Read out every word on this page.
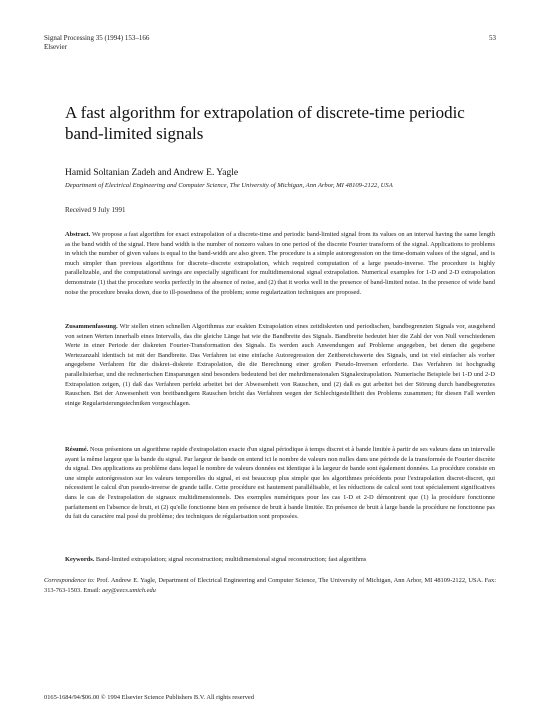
Signal Processing 35 (1994) 153–166
Elsevier
53
A fast algorithm for extrapolation of discrete-time periodic band-limited signals
Hamid Soltanian Zadeh and Andrew E. Yagle
Department of Electrical Engineering and Computer Science, The University of Michigan, Ann Arbor, MI 48109-2122, USA
Received 9 July 1991

Abstract. We propose a fast algorithm for exact extrapolation of a discrete-time and periodic band-limited signal from its values on an interval having the same length as the band width of the signal. Here band width is the number of nonzero values in one period of the discrete Fourier transform of the signal. Applications to problems in which the number of given values is equal to the band-width are also given. The procedure is a simple autoregression on the time-domain values of the signal, and is much simpler than previous algorithms for discrete–discrete extrapolation, which required computation of a large pseudo-inverse. The procedure is highly parallelizable, and the computational savings are especially significant for multidimensional signal extrapolation. Numerical examples for 1-D and 2-D extrapolation demonstrate (1) that the procedure works perfectly in the absence of noise, and (2) that it works well in the presence of band-limited noise. In the presence of wide band noise the procedure breaks down, due to ill-posedness of the problem; some regularization techniques are proposed.

Zusammenfassung. Wir stellen einen schnellen Algorithmus zur exakten Extrapolation eines zeitdiskreten und periodischen, bandbegrenzten Signals vor, ausgehend von seinen Werten innerhalb eines Intervalls, das die gleiche Länge hat wie die Bandbreite des Signals. Bandbreite bedeutet hier die Zahl der von Null verschiedenen Werte in einer Periode der diskreten Fourier-Transformation des Signals. Es werden auch Anwendungen auf Probleme angegeben, bei denen die gegebene Wertezanzahl identisch ist mit der Bandbreite. Das Verfahren ist eine einfache Autoregression der Zeitbereichswerte des Signals, und ist viel einfacher als vorher angegebene Verfahren für die diskret–diskrete Extrapolation, die die Berechnung einer großen Pseudo-Inversen erforderte. Das Verfahren ist hochgradig parallelisierbar, und die rechnerischen Einsparungen sind besonders bedeutend bei der mehrdimensionalen Signalextrapolation. Numerische Beispiele bei 1-D und 2-D Extrapolation zeigen, (1) daß das Verfahren perfekt arbeitet bei der Abwesenheit von Rauschen, und (2) daß es gut arbeitet bei der Störung durch bandbegrenztes Rauschen. Bei der Anwesenheit von breitbandigem Rauschen bricht das Verfahren wegen der Schlechtgestelltheit des Problems zusammen; für diesen Fall werden einige Regularisierungstechniken vorgeschlagen.

Résumé. Nous présentons un algorithme rapide d'extrapolation exacte d'un signal périodique à temps discret et à bande limitée à partir de ses valeurs dans un intervalle ayant la même largeur que la bande du signal. Par largeur de bande on entend ici le nombre de valeurs non nulles dans une période de la transformée de Fourier discrète du signal. Des applications au problème dans lequel le nombre de valeurs données est identique à la largeur de bande sont également données. La procédure consiste en une simple autorégression sur les valeurs temporelles du signal, et est beaucoup plus simple que les algorithmes précédents pour l'extrapolation discret-discret, qui nécessitent le calcul d'un pseudo-inverse de grande taille. Cette procédure est hautement parallélisable, et les réductions de calcul sont tout spécialement significatives dans le cas de l'extrapolation de signaux multidimensionnels. Des exemples numériques pour les cas 1-D et 2-D démontrent que (1) la procédure fonctionne parfaitement en l'absence de bruit, et (2) qu'elle fonctionne bien en présence de bruit à bande limitée. En présence de bruit à large bande la procédure ne fonctionne pas du fait du caractère mal posé du problème; des techniques de régularisation sont proposées.

Keywords. Band-limited extrapolation; signal reconstruction; multidimensional signal reconstruction; fast algorithms
Correspondence to: Prof. Andrew E. Yagle, Department of Electrical Engineering and Computer Science, The University of Michigan, Ann Arbor, MI 48109-2122, USA. Fax: 313-763-1503. Email: aey@eecs.umich.edu
0165-1684/94/$06.00 © 1994 Elsevier Science Publishers B.V. All rights reserved
